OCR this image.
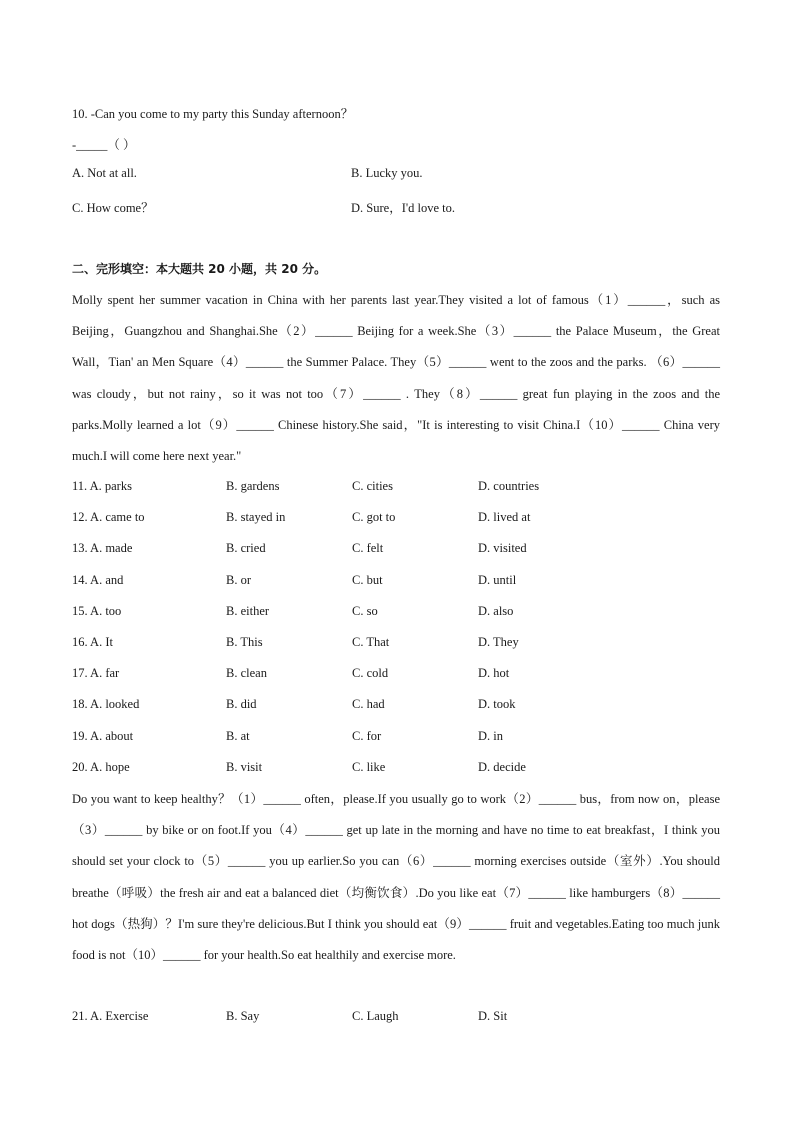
10. -Can you come to my party this Sunday afternoon？
-_____（ ）
A. Not at all.	B. Lucky you.
C. How come？	D. Sure，I'd love to.
二、完形填空：本大题共 20 小题，共 20 分。
Molly spent her summer vacation in China with her parents last year.They visited a lot of famous（1）______，such as Beijing，Guangzhou and Shanghai.She（2）______ Beijing for a week.She（3）______ the Palace Museum，the Great Wall，Tian' an Men Square（4）______ the Summer Palace. They（5）______ went to the zoos and the parks. （6）______ was cloudy，but not rainy，so it was not too（7）______ . They（8）______ great fun playing in the zoos and the parks.Molly learned a lot（9）______ Chinese history.She said，"It is interesting to visit China.I（10）______ China very much.I will come here next year."
11. A. parks	B. gardens	C. cities	D. countries
12. A. came to	B. stayed in	C. got to	D. lived at
13. A. made	B. cried	C. felt	D. visited
14. A. and	B. or	C. but	D. until
15. A. too	B. either	C. so	D. also
16. A. It	B. This	C. That	D. They
17. A. far	B. clean	C. cold	D. hot
18. A. looked	B. did	C. had	D. took
19. A. about	B. at	C. for	D. in
20. A. hope	B. visit	C. like	D. decide
Do you want to keep healthy？（1）______ often，please.If you usually go to work（2）______ bus，from now on，please（3）______ by bike or on foot.If you（4）______ get up late in the morning and have no time to eat breakfast，I think you should set your clock to（5）______ you up earlier.So you can（6）______ morning exercises outside（室外）.You should breathe（呼吸）the fresh air and eat a balanced diet（均衡饮食）.Do you like eat（7）______ like hamburgers（8）______ hot dogs（热狗）？I'm sure they're delicious.But I think you should eat（9）______ fruit and vegetables.Eating too much junk food is not（10）______ for your health.So eat healthily and exercise more.
21. A. Exercise	B. Say	C. Laugh	D. Sit
